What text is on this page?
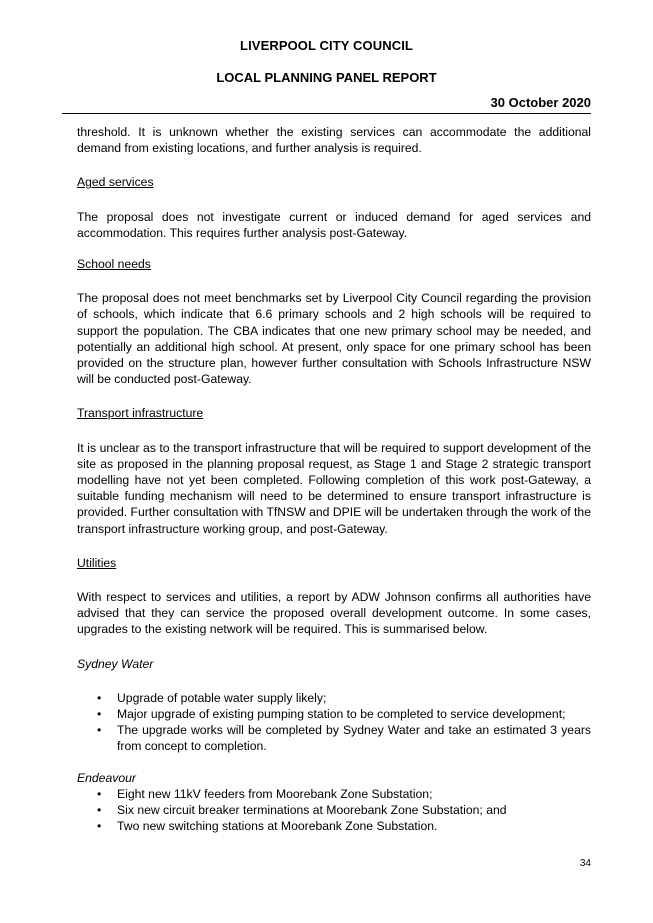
LIVERPOOL CITY COUNCIL
LOCAL PLANNING PANEL REPORT
30 October 2020

threshold. It is unknown whether the existing services can accommodate the additional demand from existing locations, and further analysis is required.

Aged services

The proposal does not investigate current or induced demand for aged services and accommodation. This requires further analysis post-Gateway.

School needs

The proposal does not meet benchmarks set by Liverpool City Council regarding the provision of schools, which indicate that 6.6 primary schools and 2 high schools will be required to support the population. The CBA indicates that one new primary school may be needed, and potentially an additional high school. At present, only space for one primary school has been provided on the structure plan, however further consultation with Schools Infrastructure NSW will be conducted post-Gateway.

Transport infrastructure

It is unclear as to the transport infrastructure that will be required to support development of the site as proposed in the planning proposal request, as Stage 1 and Stage 2 strategic transport modelling have not yet been completed. Following completion of this work post-Gateway, a suitable funding mechanism will need to be determined to ensure transport infrastructure is provided. Further consultation with TfNSW and DPIE will be undertaken through the work of the transport infrastructure working group, and post-Gateway.

Utilities

With respect to services and utilities, a report by ADW Johnson confirms all authorities have advised that they can service the proposed overall development outcome. In some cases, upgrades to the existing network will be required. This is summarised below.

Sydney Water

• Upgrade of potable water supply likely;
• Major upgrade of existing pumping station to be completed to service development;
• The upgrade works will be completed by Sydney Water and take an estimated 3 years from concept to completion.

Endeavour

• Eight new 11kV feeders from Moorebank Zone Substation;
• Six new circuit breaker terminations at Moorebank Zone Substation; and
• Two new switching stations at Moorebank Zone Substation.
34
